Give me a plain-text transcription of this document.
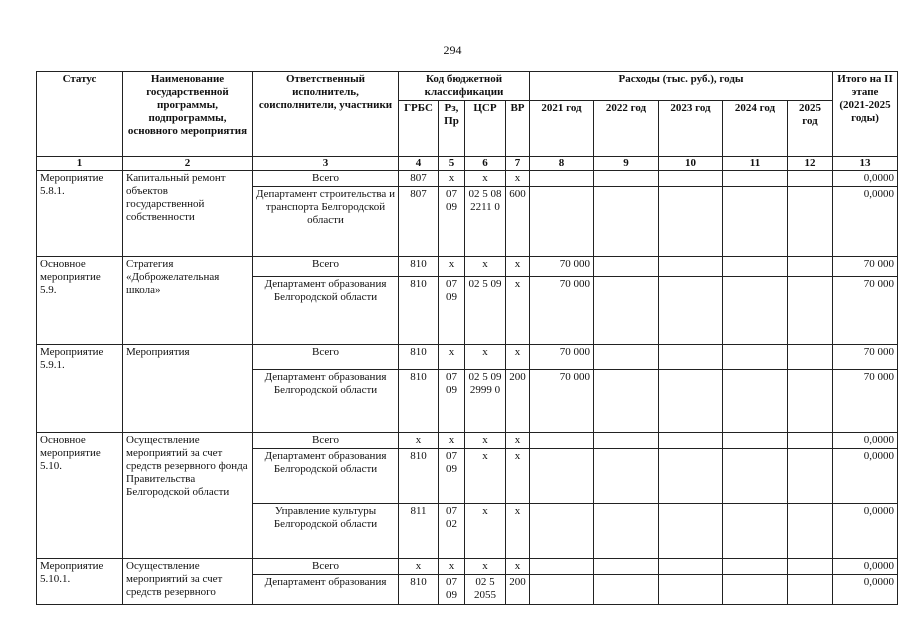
294
Статус	Наименование государственной программы, подпрограммы, основного мероприятия	Ответственный исполнитель, соисполнители, участники	Код бюджетной классификации				Расходы (тыс. руб.), годы					Итого на II этапе (2021-2025 годы)
			ГРБС	Рз, Пр	ЦСР	ВР	2021 год	2022 год	2023 год	2024 год	2025 год	
1	2	3	4	5	6	7	8	9	10	11	12	13
Мероприятие 5.8.1.	Капитальный ремонт объектов государственной собственности	Всего	807	х	х	х						0,0000
		Департамент строительства и транспорта Белгородской области	807	07 09	02 5 08 2211 0	600						0,0000
Основное мероприятие 5.9.	Стратегия «Доброжелательная школа»	Всего	810	х	х	х	70 000					70 000
		Департамент образования Белгородской области	810	07 09	02 5 09	х	70 000					70 000
Мероприятие 5.9.1.	Мероприятия	Всего	810	х	х	х	70 000					70 000
		Департамент образования Белгородской области	810	07 09	02 5 09 2999 0	200	70 000					70 000
Основное мероприятие 5.10.	Осуществление мероприятий за счет средств резервного фонда Правительства Белгородской области	Всего	х	х	х	х						0,0000
		Департамент образования Белгородской области	810	07 09	х	х						0,0000
		Управление культуры Белгородской области	811	07 02	х	х						0,0000
Мероприятие 5.10.1.	Осуществление мероприятий за счет средств резервного	Всего	х	х	х	х						0,0000
		Департамент образования	810	07 09	02 5 2055	200						0,0000
